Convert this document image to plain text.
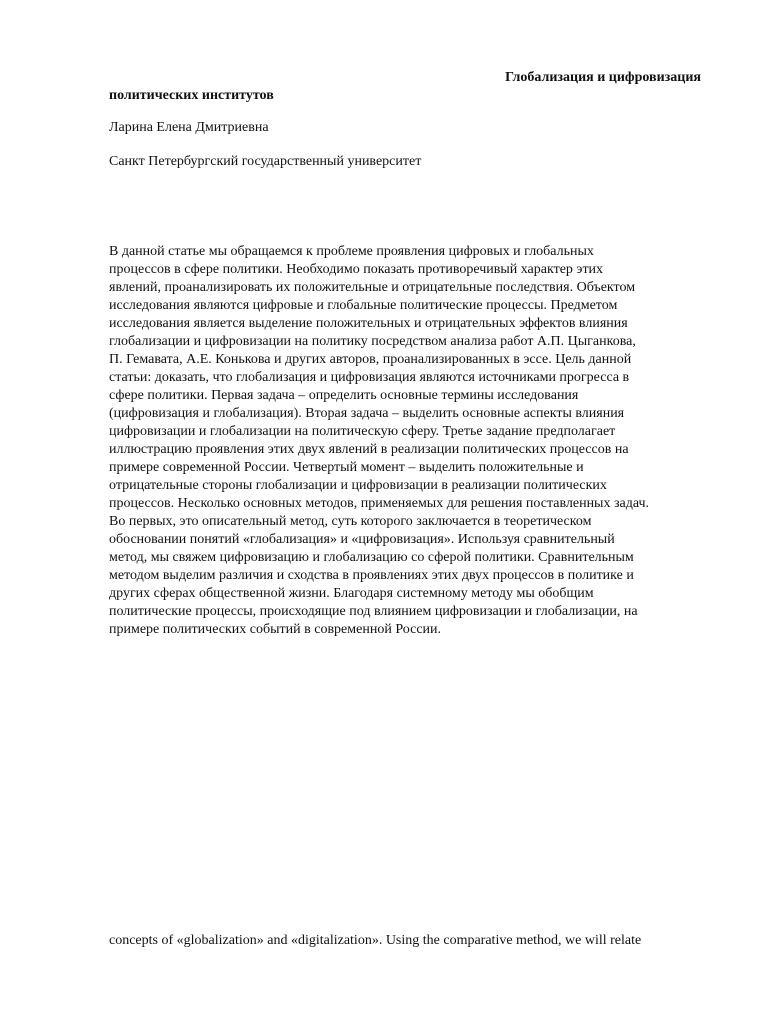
Глобализация и цифровизация
политических институтов
Ларина Елена Дмитриевна
Санкт Петербургский государственный университет
В данной статье мы обращаемся к проблеме проявления цифровых и глобальных
процессов в сфере политики. Необходимо показать противоречивый характер этих
явлений, проанализировать их положительные и отрицательные последствия. Объектом
исследования являются цифровые и глобальные политические процессы. Предметом
исследования является выделение положительных и отрицательных эффектов влияния
глобализации и цифровизации на политику посредством анализа работ А.П. Цыганкова,
П. Гемавата, А.Е. Конькова и других авторов, проанализированных в эссе. Цель данной
статьи: доказать, что глобализация и цифровизация являются источниками прогресса в
сфере политики. Первая задача – определить основные термины исследования
(цифровизация и глобализация). Вторая задача – выделить основные аспекты влияния
цифровизации и глобализации на политическую сферу. Третье задание предполагает
иллюстрацию проявления этих двух явлений в реализации политических процессов на
примере современной России. Четвертый момент – выделить положительные и
отрицательные стороны глобализации и цифровизации в реализации политических
процессов. Несколько основных методов, применяемых для решения поставленных задач.
Во первых, это описательный метод, суть которого заключается в теоретическом
обосновании понятий «глобализация» и «цифровизация». Используя сравнительный
метод, мы свяжем цифровизацию и глобализацию со сферой политики. Сравнительным
методом выделим различия и сходства в проявлениях этих двух процессов в политике и
других сферах общественной жизни. Благодаря системному методу мы обобщим
политические процессы, происходящие под влиянием цифровизации и глобализации, на
примере политических событий в современной России.
concepts of «globalization» and «digitalization». Using the comparative method, we will relate
